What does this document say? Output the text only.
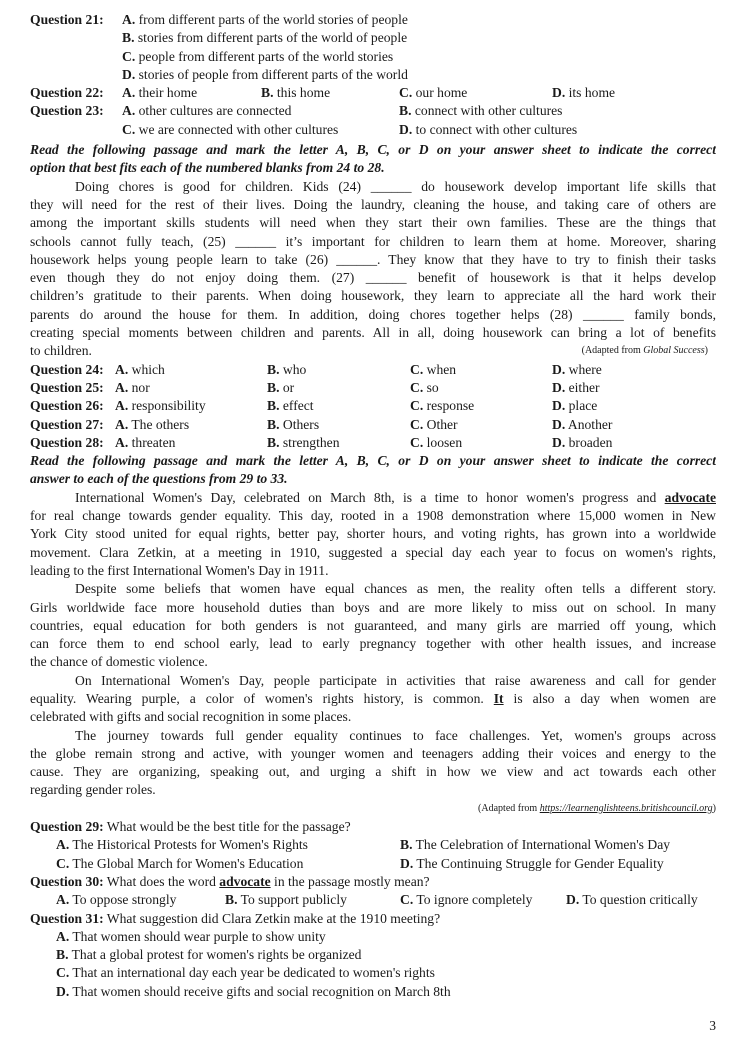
Question 21: A. from different parts of the world stories of people
B. stories from different parts of the world of people
C. people from different parts of the world stories
D. stories of people from different parts of the world
Question 22: A. their home	B. this home	C. our home	D. its home
Question 23: A. other cultures are connected	B. connect with other cultures
C. we are connected with other cultures	D. to connect with other cultures
Read the following passage and mark the letter A, B, C, or D on your answer sheet to indicate the correct
option that best fits each of the numbered blanks from 24 to 28.
Doing chores is good for children. Kids (24) ______ do housework develop important life skills that
they will need for the rest of their lives. Doing the laundry, cleaning the house, and taking care of others are
among the important skills students will need when they start their own families. These are the things that
schools cannot fully teach, (25) ______ it’s important for children to learn them at home. Moreover, sharing
housework helps young people learn to take (26) ______. They know that they have to try to finish their tasks
even though they do not enjoy doing them. (27) ______ benefit of housework is that it helps develop
children’s gratitude to their parents. When doing housework, they learn to appreciate all the hard work their
parents do around the house for them. In addition, doing chores together helps (28) ______ family bonds,
creating special moments between children and parents. All in all, doing housework can bring a lot of benefits
to children.	(Adapted from Global Success)
Question 24: A. which	B. who	C. when	D. where
Question 25: A. nor	B. or	C. so	D. either
Question 26: A. responsibility	B. effect	C. response	D. place
Question 27: A. The others	B. Others	C. Other	D. Another
Question 28: A. threaten	B. strengthen	C. loosen	D. broaden
Read the following passage and mark the letter A, B, C, or D on your answer sheet to indicate the correct
answer to each of the questions from 29 to 33.
International Women's Day, celebrated on March 8th, is a time to honor women's progress and advocate
for real change towards gender equality. This day, rooted in a 1908 demonstration where 15,000 women in New
York City stood united for equal rights, better pay, shorter hours, and voting rights, has grown into a worldwide
movement. Clara Zetkin, at a meeting in 1910, suggested a special day each year to focus on women's rights,
leading to the first International Women's Day in 1911.
Despite some beliefs that women have equal chances as men, the reality often tells a different story.
Girls worldwide face more household duties than boys and are more likely to miss out on school. In many
countries, equal education for both genders is not guaranteed, and many girls are married off young, which
can force them to end school early, lead to early pregnancy together with other health issues, and increase
the chance of domestic violence.
On International Women's Day, people participate in activities that raise awareness and call for gender
equality. Wearing purple, a color of women's rights history, is common. It is also a day when women are
celebrated with gifts and social recognition in some places.
The journey towards full gender equality continues to face challenges. Yet, women's groups across
the globe remain strong and active, with younger women and teenagers adding their voices and energy to the
cause. They are organizing, speaking out, and urging a shift in how we view and act towards each other
regarding gender roles.
(Adapted from https://learnenglishteens.britishcouncil.org)
Question 29: What would be the best title for the passage?
A. The Historical Protests for Women's Rights	B. The Celebration of International Women's Day
C. The Global March for Women's Education	D. The Continuing Struggle for Gender Equality
Question 30: What does the word advocate in the passage mostly mean?
A. To oppose strongly	B. To support publicly	C. To ignore completely D. To question critically
Question 31: What suggestion did Clara Zetkin make at the 1910 meeting?
A. That women should wear purple to show unity
B. That a global protest for women's rights be organized
C. That an international day each year be dedicated to women's rights
D. That women should receive gifts and social recognition on March 8th
3
